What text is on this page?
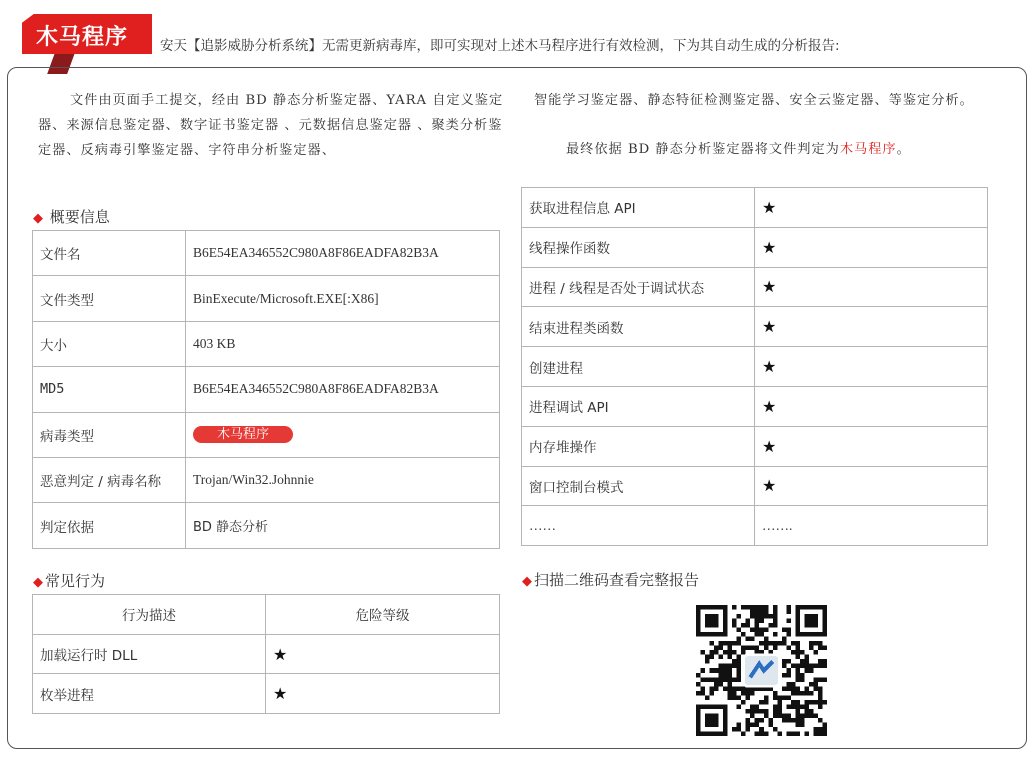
木马程序 安天【追影威胁分析系统】无需更新病毒库，即可实现对上述木马程序进行有效检测，下为其自动生成的分析报告:
文件由页面手工提交，经由 BD 静态分析鉴定器、YARA 自定义鉴定器、来源信息鉴定器、数字证书鉴定器 、元数据信息鉴定器 、聚类分析鉴定器、反病毒引擎鉴定器、字符串分析鉴定器、
智能学习鉴定器、静态特征检测鉴定器、安全云鉴定器、等鉴定分析。
最终依据 BD 静态分析鉴定器将文件判定为木马程序。
◆ 概要信息
文件名	B6E54EA346552C980A8F86EADFA82B3A
文件类型	BinExecute/Microsoft.EXE[:X86]
大小	403 KB
MD5	B6E54EA346552C980A8F86EADFA82B3A
病毒类型	木马程序
恶意判定 / 病毒名称	Trojan/Win32.Johnnie
判定依据	BD 静态分析
◆ 常见行为
行为描述	危险等级
加载运行时 DLL	★
枚举进程	★
获取进程信息 API	★
线程操作函数	★
进程 / 线程是否处于调试状态	★
结束进程类函数	★
创建进程	★
进程调试 API	★
内存堆操作	★
窗口控制台模式	★
……	…….
◆ 扫描二维码查看完整报告
